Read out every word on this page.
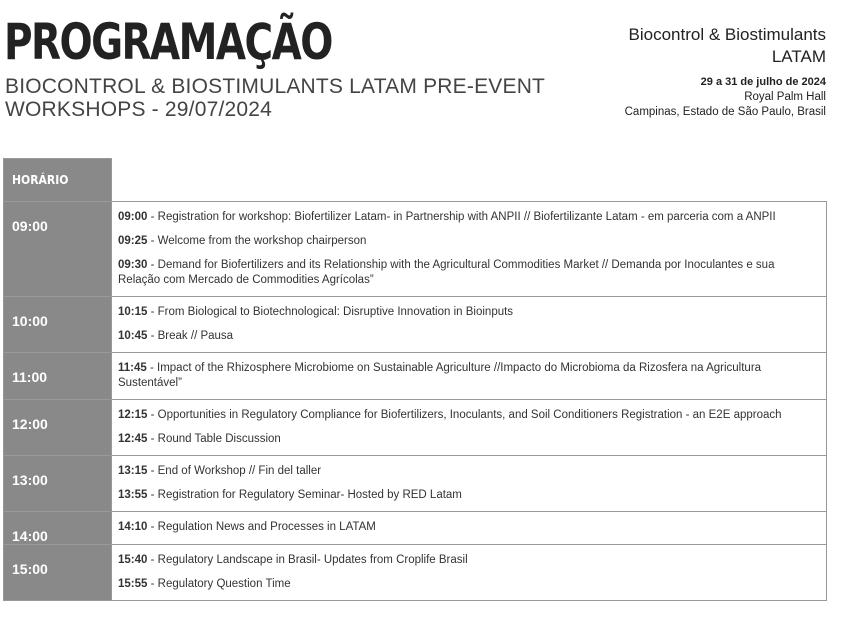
PROGRAMAÇÃO
BIOCONTROL & BIOSTIMULANTS LATAM PRE-EVENT WORKSHOPS - 29/07/2024
Biocontrol & Biostimulants
LATAM
29 a 31 de julho de 2024
Royal Palm Hall
Campinas, Estado de São Paulo, Brasil
HORÁRIO	

09:00	09:00 - Registration for workshop: Biofertilizer Latam- in Partnership with ANPII // Biofertilizante Latam - em parceria com a ANPII
09:25 - Welcome from the workshop chairperson
09:30 - Demand for Biofertilizers and its Relationship with the Agricultural Commodities Market // Demanda por Inoculantes e sua Relação com Mercado de Commodities Agrícolas”

10:00	10:15 - From Biological to Biotechnological: Disruptive Innovation in Bioinputs
10:45 - Break // Pausa

11:00	11:45 - Impact of the Rhizosphere Microbiome on Sustainable Agriculture //Impacto do Microbioma da Rizosfera na Agricultura Sustentável”

12:00	12:15 - Opportunities in Regulatory Compliance for Biofertilizers, Inoculants, and Soil Conditioners Registration - an E2E approach
12:45 - Round Table Discussion

13:00	13:15 - End of Workshop // Fin del taller
13:55 - Registration for Regulatory Seminar- Hosted by RED Latam

14:00	14:10 - Regulation News and Processes in LATAM

15:00	15:40 - Regulatory Landscape in Brasil- Updates from Croplife Brasil
15:55 - Regulatory Question Time
